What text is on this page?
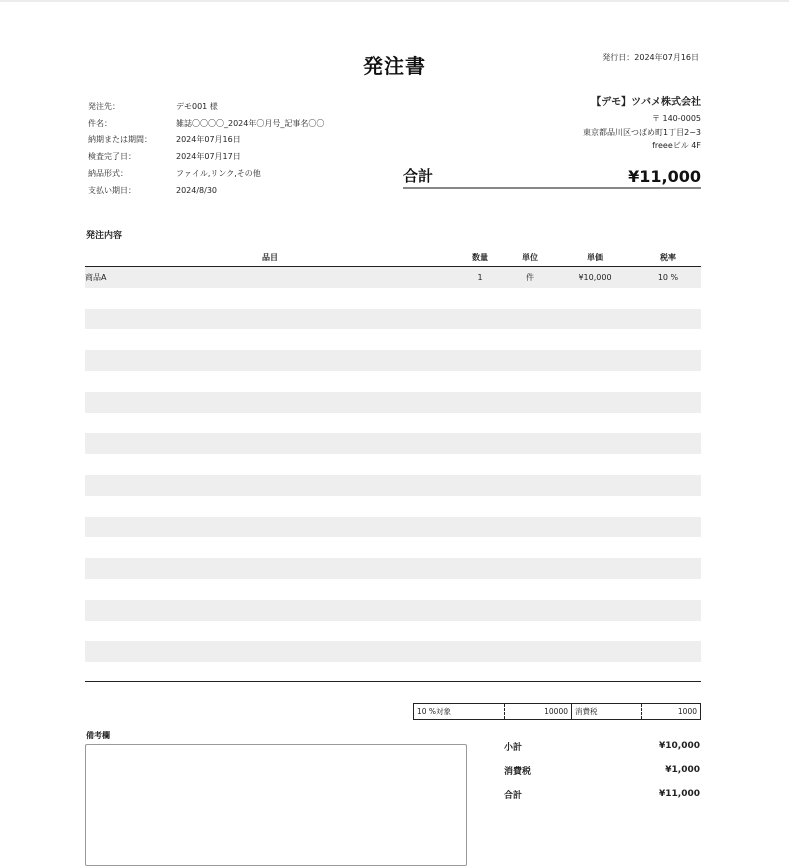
発注書	発行日：2024年07月16日
発注先：	デモ001 様
件名：	雑誌〇〇〇〇_2024年〇月号_記事名〇〇
納期または期間：	2024年07月16日
検査完了日：	2024年07月17日
納品形式：	ファイル,リンク,その他
支払い期日：	2024/8/30
【デモ】ツバメ株式会社
〒 140-0005
東京都品川区つばめ町1丁目2−3
freeeビル 4F
合計	¥11,000
発注内容
品目	数量	単位	単価	税率
商品A	1	件	¥10,000	10 %
10 %対象	10000 消費税	1000
備考欄
小計	¥10,000
消費税	¥1,000
合計	¥11,000
